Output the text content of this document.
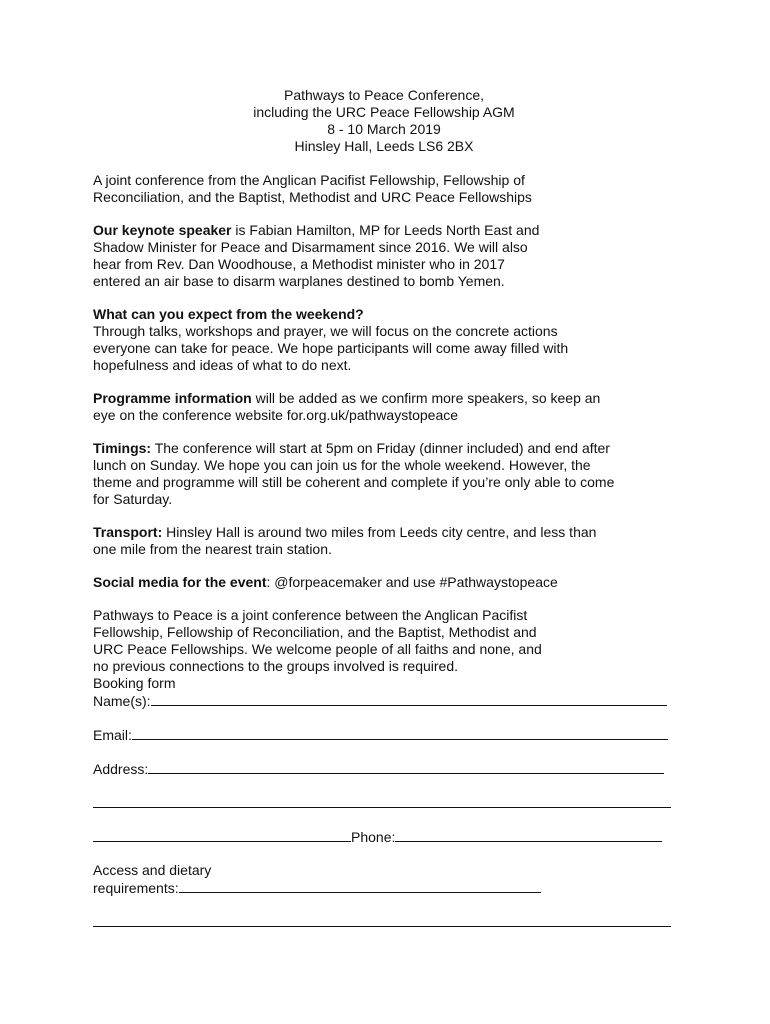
Pathways to Peace Conference,
including the URC Peace Fellowship AGM
8 - 10 March 2019
Hinsley Hall, Leeds LS6 2BX

A joint conference from the Anglican Pacifist Fellowship, Fellowship of
Reconciliation, and the Baptist, Methodist and URC Peace Fellowships

Our keynote speaker is Fabian Hamilton, MP for Leeds North East and
Shadow Minister for Peace and Disarmament since 2016. We will also
hear from Rev. Dan Woodhouse, a Methodist minister who in 2017
entered an air base to disarm warplanes destined to bomb Yemen.

What can you expect from the weekend?
Through talks, workshops and prayer, we will focus on the concrete actions
everyone can take for peace. We hope participants will come away filled with
hopefulness and ideas of what to do next.

Programme information will be added as we confirm more speakers, so keep an
eye on the conference website for.org.uk/pathwaystopeace

Timings: The conference will start at 5pm on Friday (dinner included) and end after
lunch on Sunday. We hope you can join us for the whole weekend. However, the
theme and programme will still be coherent and complete if you’re only able to come
for Saturday.

Transport: Hinsley Hall is around two miles from Leeds city centre, and less than
one mile from the nearest train station.

Social media for the event: @forpeacemaker and use #Pathwaystopeace

Pathways to Peace is a joint conference between the Anglican Pacifist
Fellowship, Fellowship of Reconciliation, and the Baptist, Methodist and
URC Peace Fellowships. We welcome people of all faiths and none, and
no previous connections to the groups involved is required.

Booking form
Name(s):
Email:
Address:
Phone:
Access and dietary
requirements:
